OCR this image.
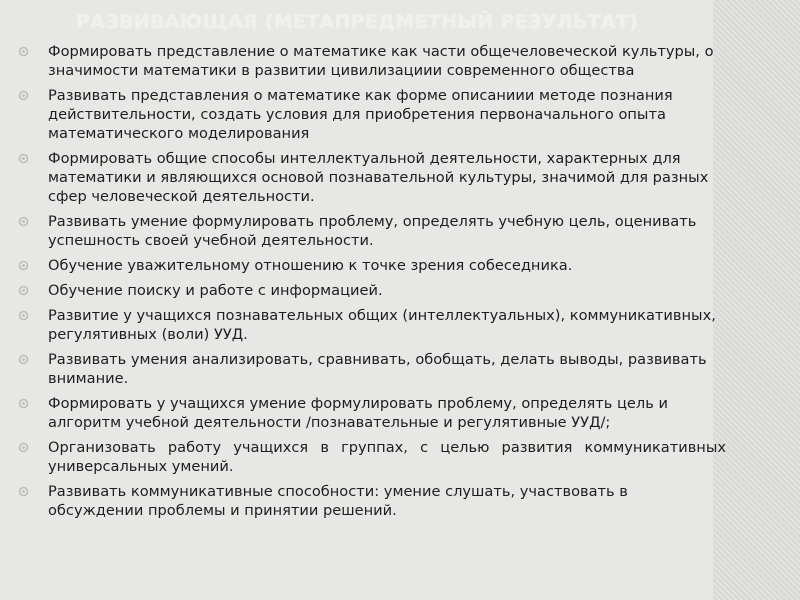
РАЗВИВАЮЩАЯ (МЕТАПРЕДМЕТНЫЙ РЕЗУЛЬТАТ)
Формировать представление о математике как части общечеловеческой культуры, о значимости математики в развитии цивилизациии современного общества
Развивать представления о математике как форме описаниии методе познания действительности, создать условия для приобретения первоначального опыта математического моделирования
Формировать общие способы интеллектуальной деятельности, характерных для математики и являющихся основой познавательной культуры, значимой для разных сфер человеческой деятельности.
Развивать умение формулировать проблему, определять учебную цель, оценивать успешность своей учебной деятельности.
Обучение уважительному отношению к точке зрения собеседника.
Обучение поиску и работе с информацией.
Развитие у учащихся познавательных общих (интеллектуальных), коммуникативных, регулятивных (воли) УУД.
Развивать умения анализировать, сравнивать, обобщать, делать выводы, развивать внимание.
Формировать у учащихся умение формулировать проблему, определять цель и алгоритм учебной деятельности /познавательные и регулятивные УУД/;
Организовать работу учащихся в группах, с целью развития коммуникативных универсальных умений.
Развивать коммуникативные способности: умение слушать, участвовать в обсуждении проблемы и принятии решений.
